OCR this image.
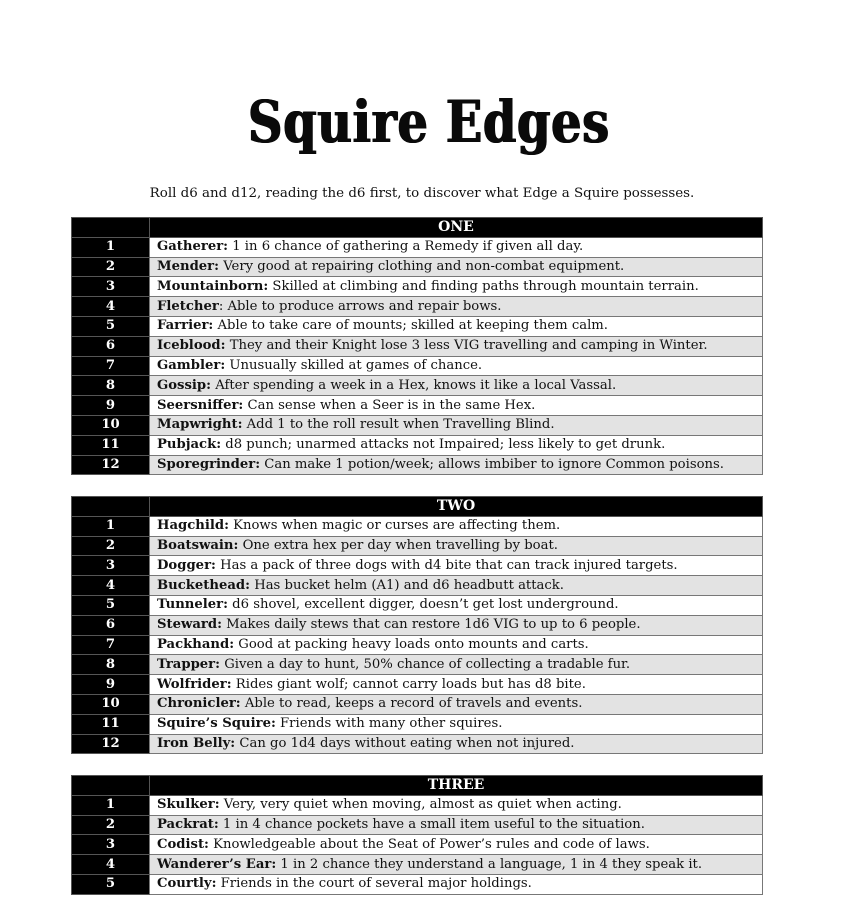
Squire Edges
Roll d6 and d12, reading the d6 first, to discover what Edge a Squire possesses.
	ONE
1	Gatherer: 1 in 6 chance of gathering a Remedy if given all day.
2	Mender: Very good at repairing clothing and non-combat equipment.
3	Mountainborn: Skilled at climbing and finding paths through mountain terrain.
4	Fletcher: Able to produce arrows and repair bows.
5	Farrier: Able to take care of mounts; skilled at keeping them calm.
6	Iceblood: They and their Knight lose 3 less VIG travelling and camping in Winter.
7	Gambler: Unusually skilled at games of chance.
8	Gossip: After spending a week in a Hex, knows it like a local Vassal.
9	Seersniffer: Can sense when a Seer is in the same Hex.
10	Mapwright: Add 1 to the roll result when Travelling Blind.
11	Pubjack: d8 punch; unarmed attacks not Impaired; less likely to get drunk.
12	Sporegrinder: Can make 1 potion/week; allows imbiber to ignore Common poisons.
	TWO
1	Hagchild: Knows when magic or curses are affecting them.
2	Boatswain: One extra hex per day when travelling by boat.
3	Dogger: Has a pack of three dogs with d4 bite that can track injured targets.
4	Buckethead: Has bucket helm (A1) and d6 headbutt attack.
5	Tunneler: d6 shovel, excellent digger, doesn’t get lost underground.
6	Steward: Makes daily stews that can restore 1d6 VIG to up to 6 people.
7	Packhand: Good at packing heavy loads onto mounts and carts.
8	Trapper: Given a day to hunt, 50% chance of collecting a tradable fur.
9	Wolfrider: Rides giant wolf; cannot carry loads but has d8 bite.
10	Chronicler: Able to read, keeps a record of travels and events.
11	Squire’s Squire: Friends with many other squires.
12	Iron Belly: Can go 1d4 days without eating when not injured.
	THREE
1	Skulker: Very, very quiet when moving, almost as quiet when acting.
2	Packrat: 1 in 4 chance pockets have a small item useful to the situation.
3	Codist: Knowledgeable about the Seat of Power’s rules and code of laws.
4	Wanderer’s Ear: 1 in 2 chance they understand a language, 1 in 4 they speak it.
5	Courtly: Friends in the court of several major holdings.
